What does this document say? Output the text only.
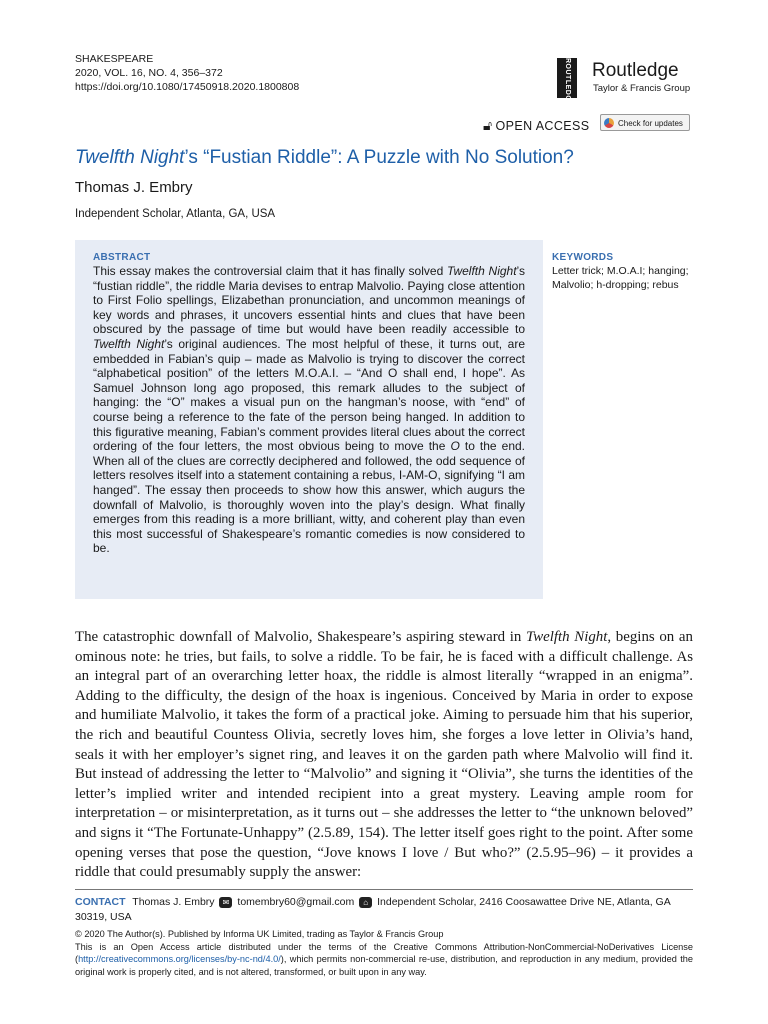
SHAKESPEARE
2020, VOL. 16, NO. 4, 356–372
https://doi.org/10.1080/17450918.2020.1800808	ROUTLEDGE	Routledge
Taylor & Francis Group
🔓︎ OPEN ACCESS	Check for updates
Twelfth Night’s “Fustian Riddle”: A Puzzle with No Solution?
Thomas J. Embry
Independent Scholar, Atlanta, GA, USA
ABSTRACT
This essay makes the controversial claim that it has finally solved Twelfth Night’s “fustian riddle”, the riddle Maria devises to entrap Malvolio. Paying close attention to First Folio spellings, Elizabethan pronunciation, and uncommon meanings of key words and phrases, it uncovers essential hints and clues that have been obscured by the passage of time but would have been readily accessible to Twelfth Night’s original audiences. The most helpful of these, it turns out, are embedded in Fabian’s quip – made as Malvolio is trying to discover the correct “alphabetical position” of the letters M.O.A.I. – “And O shall end, I hope”. As Samuel Johnson long ago proposed, this remark alludes to the subject of hanging: the “O” makes a visual pun on the hangman’s noose, with “end” of course being a reference to the fate of the person being hanged. In addition to this figurative meaning, Fabian’s comment provides literal clues about the correct ordering of the four letters, the most obvious being to move the O to the end. When all of the clues are correctly deciphered and followed, the odd sequence of letters resolves itself into a statement containing a rebus, I-AM-O, signifying “I am hanged”. The essay then proceeds to show how this answer, which augurs the downfall of Malvolio, is thoroughly woven into the play’s design. What finally emerges from this reading is a more brilliant, witty, and coherent play than even this most successful of Shakespeare’s romantic comedies is now considered to be.
KEYWORDS
Letter trick; M.O.A.I; hanging; Malvolio; h-dropping; rebus
The catastrophic downfall of Malvolio, Shakespeare’s aspiring steward in Twelfth Night, begins on an ominous note: he tries, but fails, to solve a riddle. To be fair, he is faced with a difficult challenge. As an integral part of an overarching letter hoax, the riddle is almost literally “wrapped in an enigma”. Adding to the difficulty, the design of the hoax is ingenious. Conceived by Maria in order to expose and humiliate Malvolio, it takes the form of a practical joke. Aiming to persuade him that his superior, the rich and beautiful Countess Olivia, secretly loves him, she forges a love letter in Olivia’s hand, seals it with her employer’s signet ring, and leaves it on the garden path where Malvolio will find it. But instead of addressing the letter to “Malvolio” and signing it “Olivia”, she turns the identities of the letter’s implied writer and intended recipient into a great mystery. Leaving ample room for interpretation – or misinterpretation, as it turns out – she addresses the letter to “the unknown beloved” and signs it “The Fortunate-Unhappy” (2.5.89, 154). The letter itself goes right to the point. After some opening verses that pose the question, “Jove knows I love / But who?” (2.5.95–96) – it provides a riddle that could presumably supply the answer:
CONTACT Thomas J. Embry ✉︎ tomembry60@gmail.com ⌂ Independent Scholar, 2416 Coosawattee Drive NE, Atlanta, GA 30319, USA
© 2020 The Author(s). Published by Informa UK Limited, trading as Taylor & Francis Group
This is an Open Access article distributed under the terms of the Creative Commons Attribution-NonCommercial-NoDerivatives License (http://creativecommons.org/licenses/by-nc-nd/4.0/), which permits non-commercial re-use, distribution, and reproduction in any medium, provided the original work is properly cited, and is not altered, transformed, or built upon in any way.
